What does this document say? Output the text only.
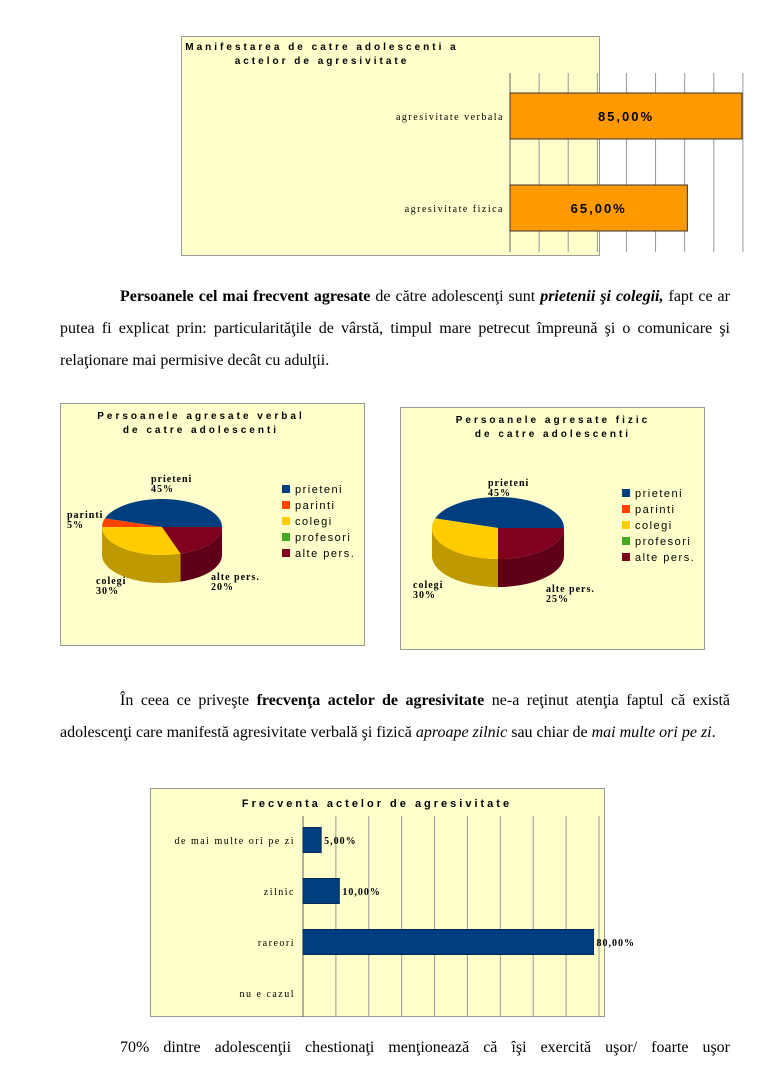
Manifestarea de catre adolescenti a
actelor de agresivitate
agresivitate verbala	85,00%
agresivitate fizica	65,00%
Persoanele cel mai frecvent agresate de către adolescenţi sunt prietenii şi colegii, fapt ce ar putea fi explicat prin: particularităţile de vârstă, timpul mare petrecut împreună şi o comunicare şi relaţionare mai permisive decât cu adulţii.
Persoanele agresate verbal
de catre adolescenti
prieteni
parinti
colegi
profesori
alte pers.
prieteni
45%
parinti
5%
colegi
30%
alte pers.
20%
Persoanele agresate fizic
de catre adolescenti
prieteni
parinti
colegi
profesori
alte pers.
prieteni
45%
colegi
30%
alte pers.
25%
În ceea ce priveşte frecvenţa actelor de agresivitate ne-a reţinut atenţia faptul că există adolescenţi care manifestă agresivitate verbală şi fizică aproape zilnic sau chiar de mai multe ori pe zi.
Frecventa actelor de agresivitate
de mai multe ori pe zi	5,00%
zilnic	10,00%
rareori	80,00%
nu e cazul
70% dintre adolescenţii chestionaţi menţionează că îşi exercită uşor/ foarte uşor
